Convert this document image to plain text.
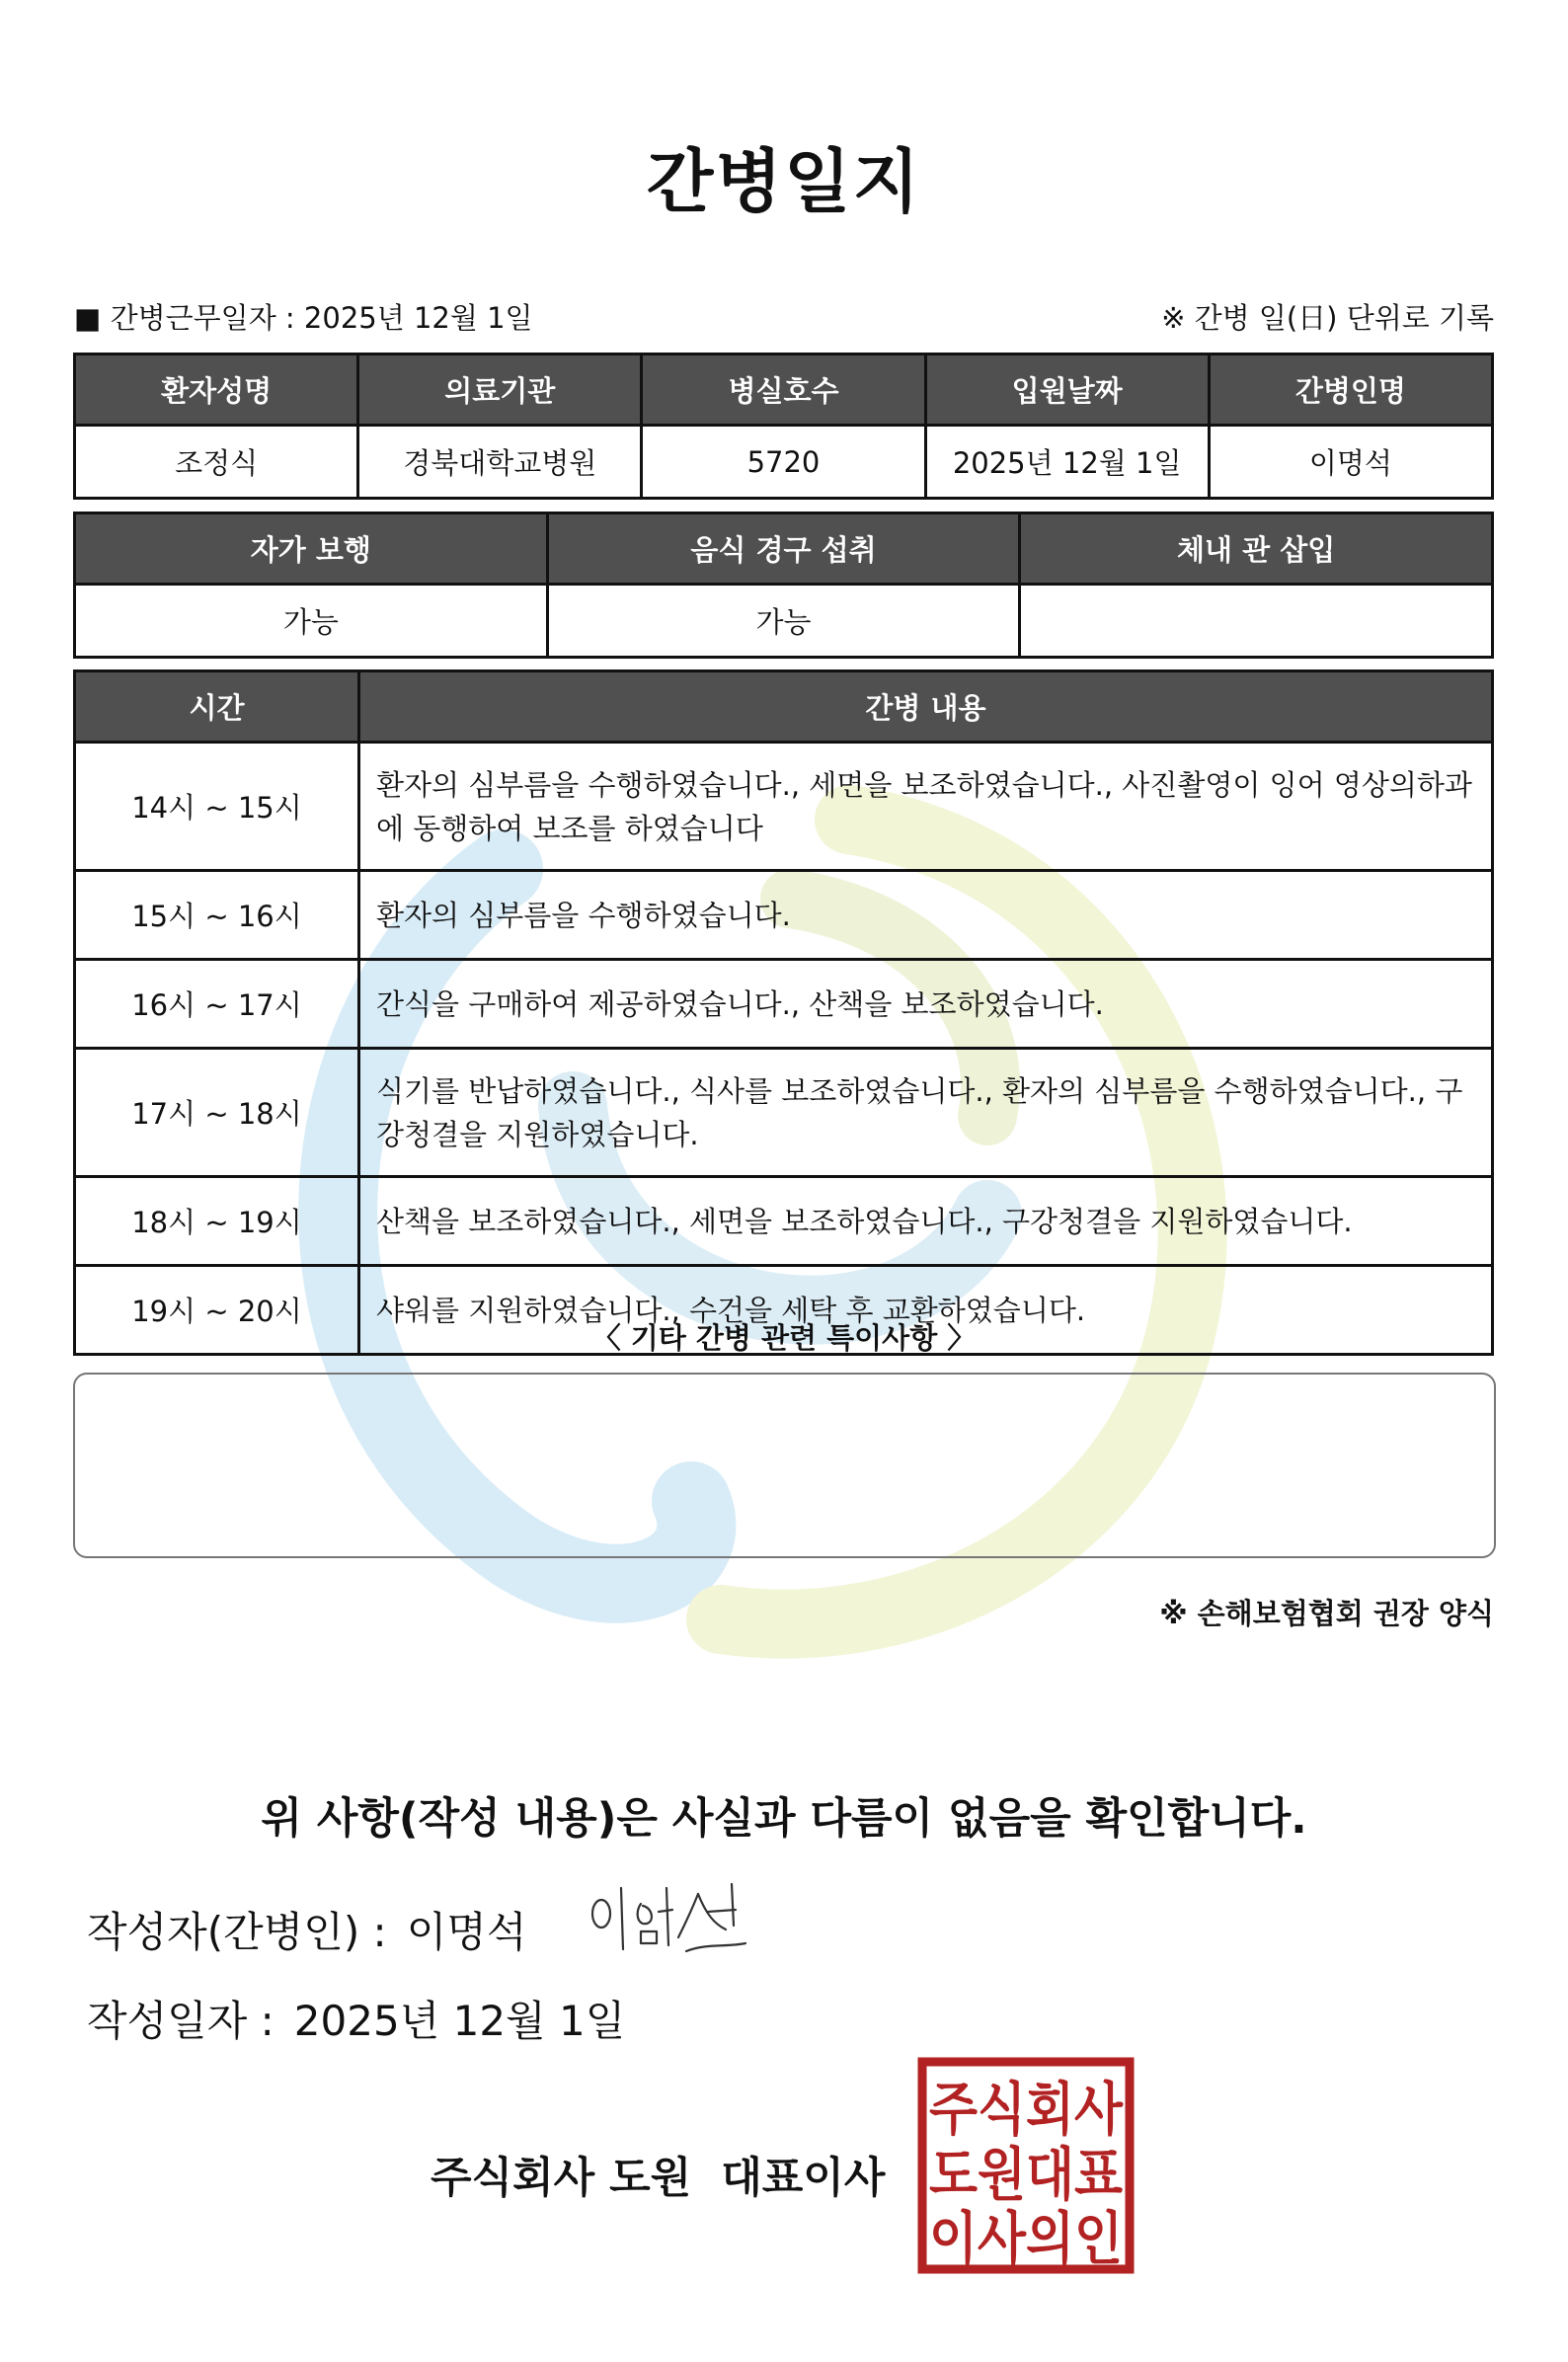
간병일지
■ 간병근무일자 : 2025년 12월 1일	※ 간병 일(日) 단위로 기록
환자성명	의료기관	병실호수	입원날짜	간병인명
조정식	경북대학교병원	5720	2025년 12월 1일	이명석
자가 보행	음식 경구 섭취	체내 관 삽입
가능	가능	
시간	간병 내용
14시 ~ 15시	환자의 심부름을 수행하였습니다., 세면을 보조하였습니다., 사진촬영이 잉어 영상의하과에 동행하여 보조를 하였습니다
15시 ~ 16시	환자의 심부름을 수행하였습니다.
16시 ~ 17시	간식을 구매하여 제공하였습니다., 산책을 보조하였습니다.
17시 ~ 18시	식기를 반납하였습니다., 식사를 보조하였습니다., 환자의 심부름을 수행하였습니다., 구강청결을 지원하였습니다.
18시 ~ 19시	산책을 보조하였습니다., 세면을 보조하였습니다., 구강청결을 지원하였습니다.
19시 ~ 20시	샤워를 지원하였습니다., 수건을 세탁 후 교환하였습니다.
〈 기타 간병 관련 특이사항 〉
※ 손해보험협회 권장 양식
위 사항(작성 내용)은 사실과 다름이 없음을 확인합니다.
작성자(간병인) : 이명석
작성일자 : 2025년 12월 1일
주식회사 도원 대표이사
주식회사
도원대표
이사의인
